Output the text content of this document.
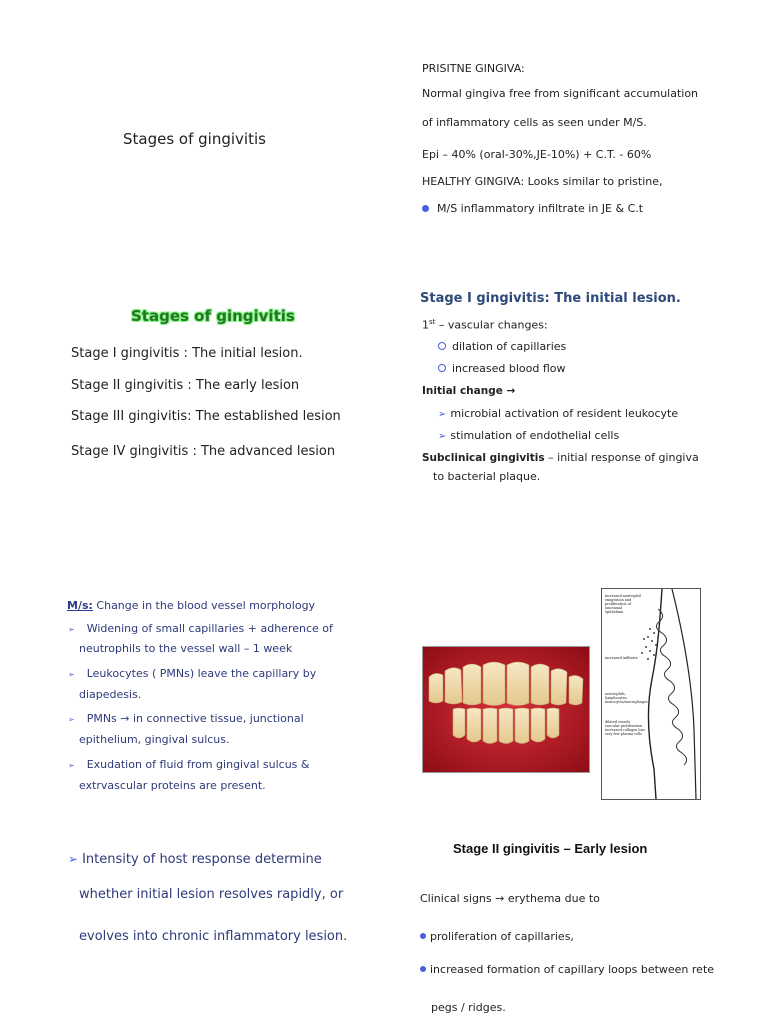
Stages of gingivitis
PRISITNE GINGIVA:
Normal gingiva free from significant accumulation
of inflammatory cells as seen under M/S.
Epi – 40% (oral-30%,JE-10%) + C.T. - 60%
HEALTHY GINGIVA: Looks similar to pristine,
M/S inflammatory infiltrate in JE & C.t
Stages of gingivitis
Stage I gingivitis : The initial lesion.
Stage II gingivitis : The early lesion
Stage III gingivitis: The established lesion
Stage IV gingivitis : The advanced lesion
Stage I gingivitis: The initial lesion.
1st – vascular changes:
dilation of capillaries
increased blood flow
Initial change →
➢ microbial activation of resident leukocyte
➢ stimulation of endothelial cells
Subclinical gingivitis – initial response of gingiva
to bacterial plaque.
M/s: Change in the blood vessel morphology
➢ Widening of small capillaries + adherence of
neutrophils to the vessel wall – 1 week
➢ Leukocytes ( PMNs) leave the capillary by
diapedesis.
➢ PMNs → in connective tissue, junctional
epithelium, gingival sulcus.
➢ Exudation of fluid from gingival sulcus &
extrvascular proteins are present.
increased neutrophil
emigration and
proliferation of
junctional
epithelium
increased infiltrate
neutrophils,
lymphocytes,
monocytes/macrophages
dilated vessels
vascular proliferation
increased collagen loss
very few plasma cells
➢ Intensity of host response determine
whether initial lesion resolves rapidly, or
evolves into chronic inflammatory lesion.
Stage II gingivitis – Early lesion
Clinical signs → erythema due to
proliferation of capillaries,
increased formation of capillary loops between rete
pegs / ridges.
